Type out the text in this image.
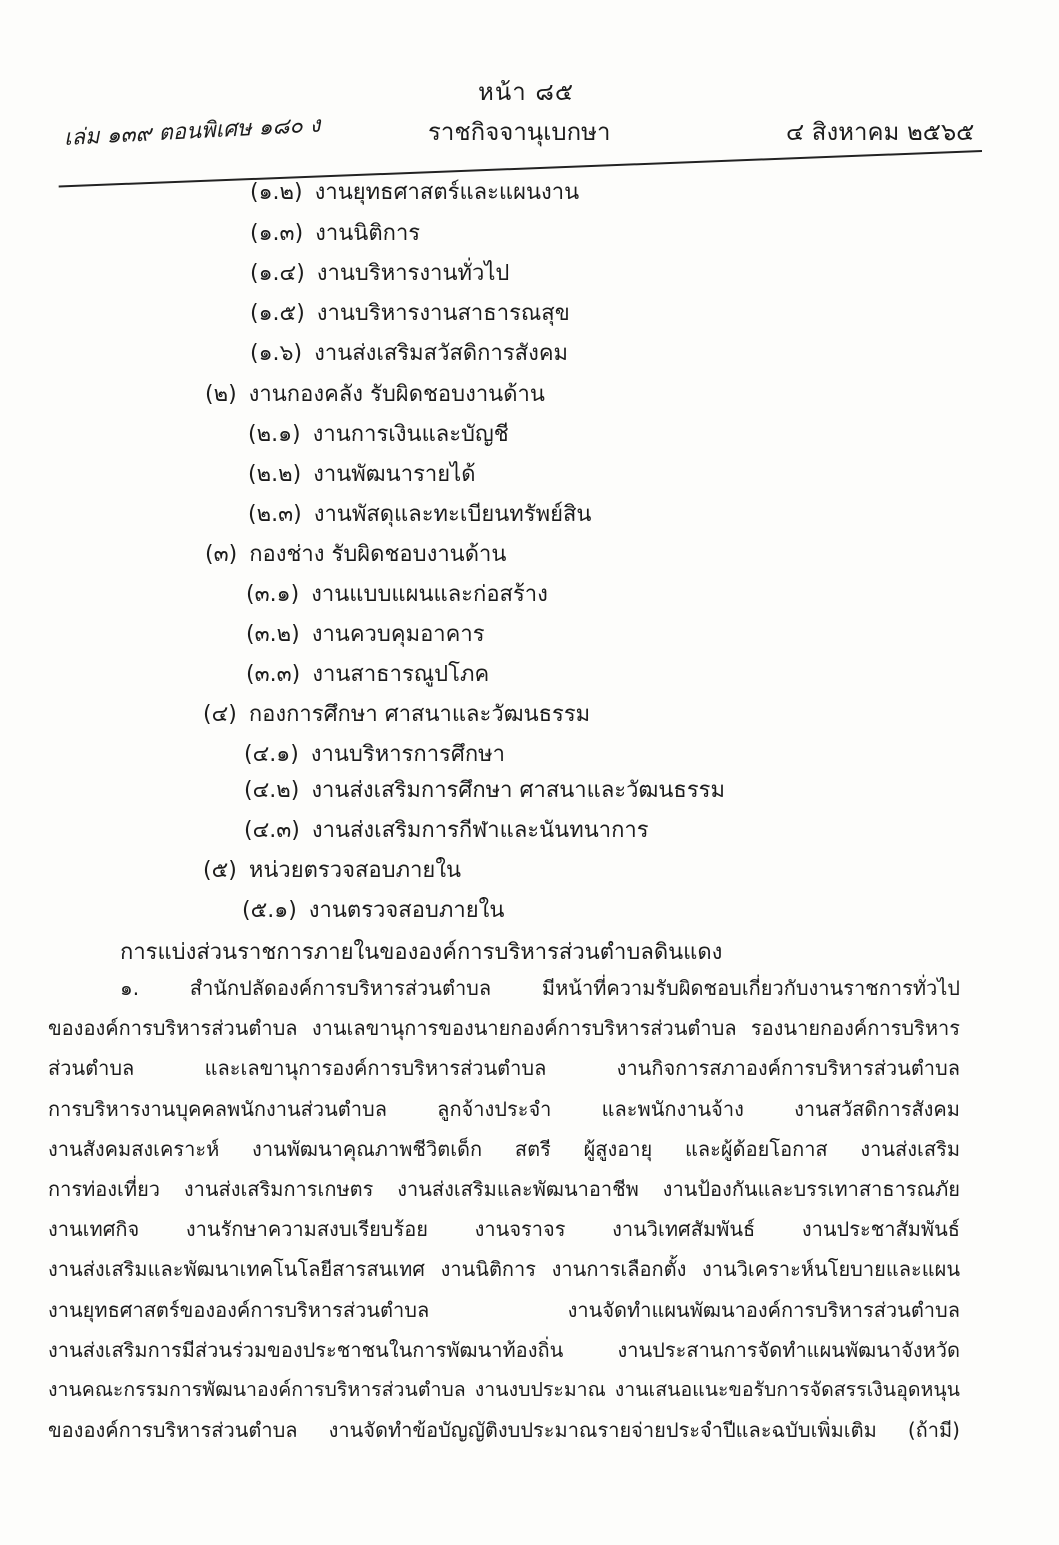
หน้า ๘๕
เล่ม ๑๓๙ ตอนพิเศษ ๑๘๐ ง	ราชกิจจานุเบกษา	๔ สิงหาคม ๒๕๖๕
(๑.๒) งานยุทธศาสตร์และแผนงาน
(๑.๓) งานนิติการ
(๑.๔) งานบริหารงานทั่วไป
(๑.๕) งานบริหารงานสาธารณสุข
(๑.๖) งานส่งเสริมสวัสดิการสังคม
(๒) งานกองคลัง รับผิดชอบงานด้าน
(๒.๑) งานการเงินและบัญชี
(๒.๒) งานพัฒนารายได้
(๒.๓) งานพัสดุและทะเบียนทรัพย์สิน
(๓) กองช่าง รับผิดชอบงานด้าน
(๓.๑) งานแบบแผนและก่อสร้าง
(๓.๒) งานควบคุมอาคาร
(๓.๓) งานสาธารณูปโภค
(๔) กองการศึกษา ศาสนาและวัฒนธรรม
(๔.๑) งานบริหารการศึกษา
(๔.๒) งานส่งเสริมการศึกษา ศาสนาและวัฒนธรรม
(๔.๓) งานส่งเสริมการกีฬาและนันทนาการ
(๕) หน่วยตรวจสอบภายใน
(๕.๑) งานตรวจสอบภายใน
การแบ่งส่วนราชการภายในขององค์การบริหารส่วนตำบลดินแดง
๑. สำนักปลัดองค์การบริหารส่วนตำบล มีหน้าที่ความรับผิดชอบเกี่ยวกับงานราชการทั่วไป
ขององค์การบริหารส่วนตำบล งานเลขานุการของนายกองค์การบริหารส่วนตำบล รองนายกองค์การบริหาร
ส่วนตำบล และเลขานุการองค์การบริหารส่วนตำบล งานกิจการสภาองค์การบริหารส่วนตำบล
การบริหารงานบุคคลพนักงานส่วนตำบล ลูกจ้างประจำ และพนักงานจ้าง งานสวัสดิการสังคม
งานสังคมสงเคราะห์ งานพัฒนาคุณภาพชีวิตเด็ก สตรี ผู้สูงอายุ และผู้ด้อยโอกาส งานส่งเสริม
การท่องเที่ยว งานส่งเสริมการเกษตร งานส่งเสริมและพัฒนาอาชีพ งานป้องกันและบรรเทาสาธารณภัย
งานเทศกิจ งานรักษาความสงบเรียบร้อย งานจราจร งานวิเทศสัมพันธ์ งานประชาสัมพันธ์
งานส่งเสริมและพัฒนาเทคโนโลยีสารสนเทศ งานนิติการ งานการเลือกตั้ง งานวิเคราะห์นโยบายและแผน
งานยุทธศาสตร์ขององค์การบริหารส่วนตำบล งานจัดทำแผนพัฒนาองค์การบริหารส่วนตำบล
งานส่งเสริมการมีส่วนร่วมของประชาชนในการพัฒนาท้องถิ่น งานประสานการจัดทำแผนพัฒนาจังหวัด
งานคณะกรรมการพัฒนาองค์การบริหารส่วนตำบล งานงบประมาณ งานเสนอแนะขอรับการจัดสรรเงินอุดหนุน
ขององค์การบริหารส่วนตำบล งานจัดทำข้อบัญญัติงบประมาณรายจ่ายประจำปีและฉบับเพิ่มเติม (ถ้ามี)
